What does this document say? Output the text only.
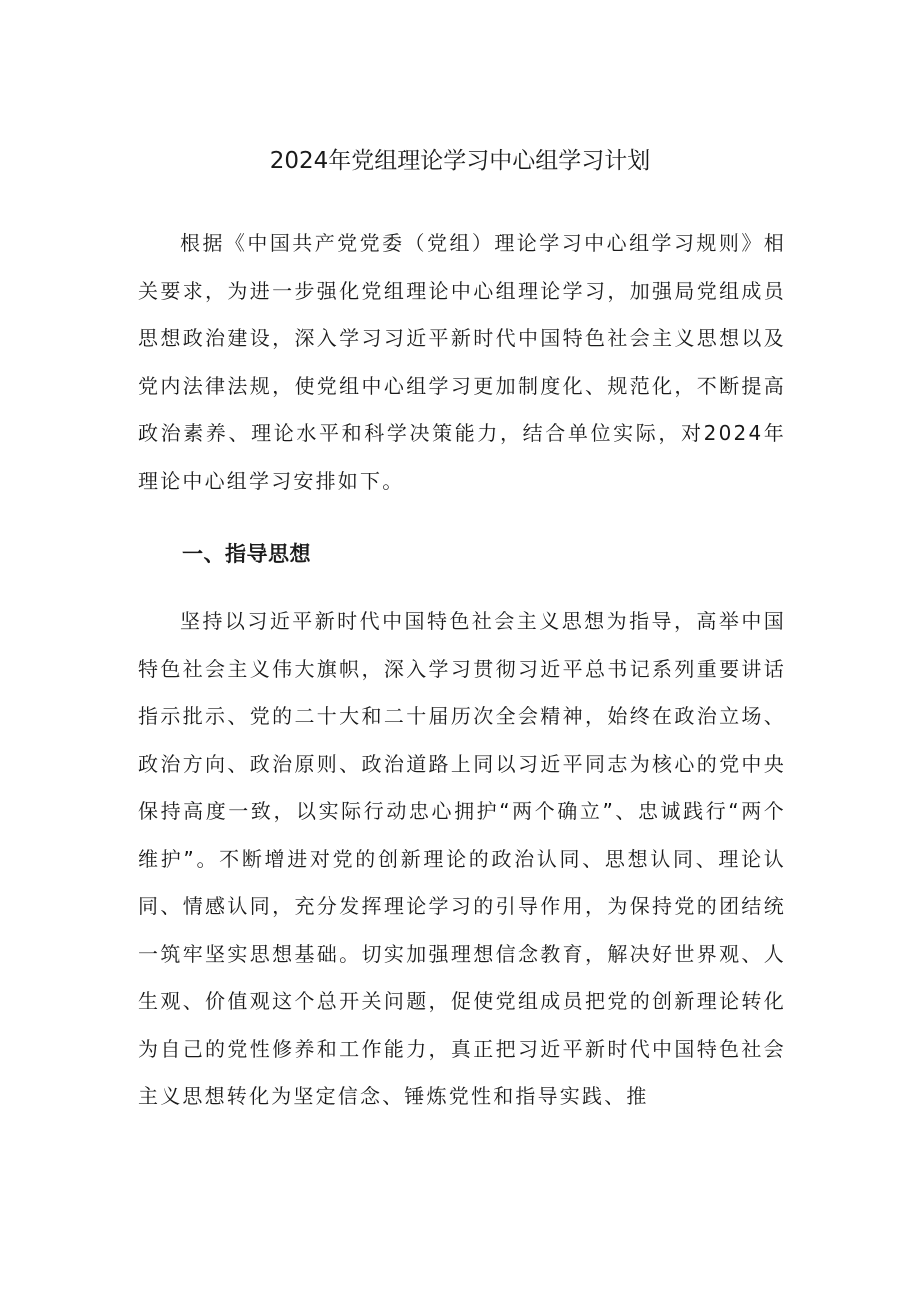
2024年党组理论学习中心组学习计划

根据《中国共产党党委（党组）理论学习中心组学习规则》相关要求，为进一步强化党组理论中心组理论学习，加强局党组成员思想政治建设，深入学习习近平新时代中国特色社会主义思想以及党内法律法规，使党组中心组学习更加制度化、规范化，不断提高政治素养、理论水平和科学决策能力，结合单位实际，对2024年理论中心组学习安排如下。

一、指导思想

坚持以习近平新时代中国特色社会主义思想为指导，高举中国特色社会主义伟大旗帜，深入学习贯彻习近平总书记系列重要讲话指示批示、党的二十大和二十届历次全会精神，始终在政治立场、政治方向、政治原则、政治道路上同以习近平同志为核心的党中央保持高度一致，以实际行动忠心拥护“两个确立”、忠诚践行“两个维护”。不断增进对党的创新理论的政治认同、思想认同、理论认同、情感认同，充分发挥理论学习的引导作用，为保持党的团结统一筑牢坚实思想基础。切实加强理想信念教育，解决好世界观、人生观、价值观这个总开关问题，促使党组成员把党的创新理论转化为自己的党性修养和工作能力，真正把习近平新时代中国特色社会主义思想转化为坚定信念、锤炼党性和指导实践、推
